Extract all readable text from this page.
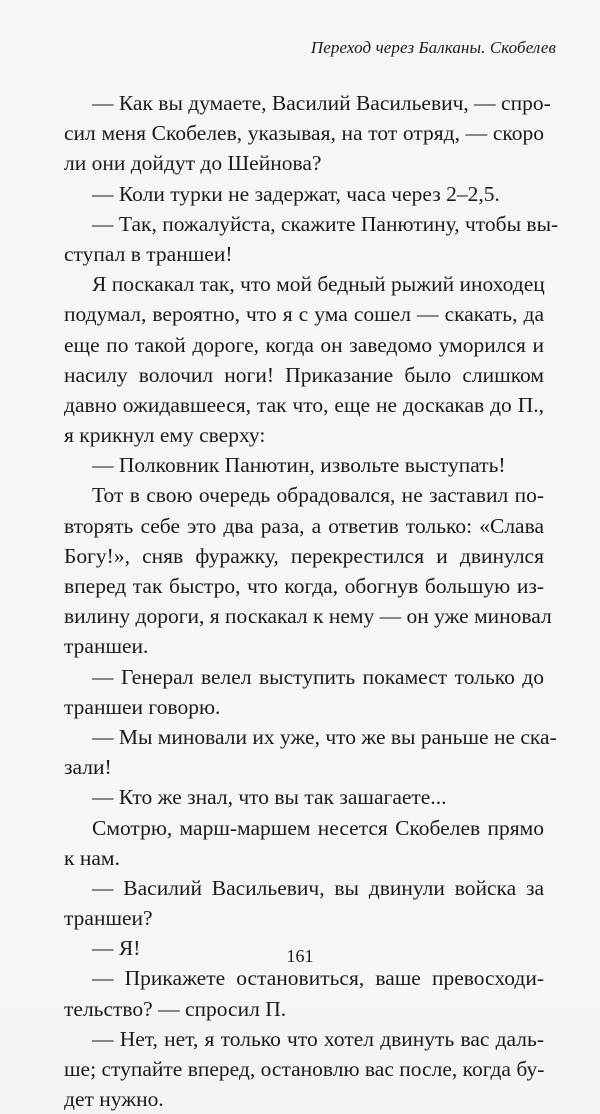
Переход через Балканы. Скобелев
— Как вы думаете, Василий Васильевич, — спро-
сил меня Скобелев, указывая, на тот отряд, — скоро
ли они дойдут до Шейнова?
— Коли турки не задержат, часа через 2–2,5.
— Так, пожалуйста, скажите Панютину, чтобы вы-
ступал в траншеи!
Я поскакал так, что мой бедный рыжий иноходец
подумал, вероятно, что я с ума сошел — скакать, да
еще по такой дороге, когда он заведомо уморился и
насилу волочил ноги! Приказание было слишком
давно ожидавшееся, так что, еще не доскакав до П.,
я крикнул ему сверху:
— Полковник Панютин, извольте выступать!
Тот в свою очередь обрадовался, не заставил по-
вторять себе это два раза, а ответив только: «Слава
Богу!», сняв фуражку, перекрестился и двинулся
вперед так быстро, что когда, обогнув большую из-
вилину дороги, я поскакал к нему — он уже миновал
траншеи.
— Генерал велел выступить покамест только до
траншеи говорю.
— Мы миновали их уже, что же вы раньше не ска-
зали!
— Кто же знал, что вы так зашагаете...
Смотрю, марш-маршем несется Скобелев прямо
к нам.
— Василий Васильевич, вы двинули войска за
траншеи?
— Я!
— Прикажете остановиться, ваше превосходи-
тельство? — спросил П.
— Нет, нет, я только что хотел двинуть вас даль-
ше; ступайте вперед, остановлю вас после, когда бу-
дет нужно.
161
